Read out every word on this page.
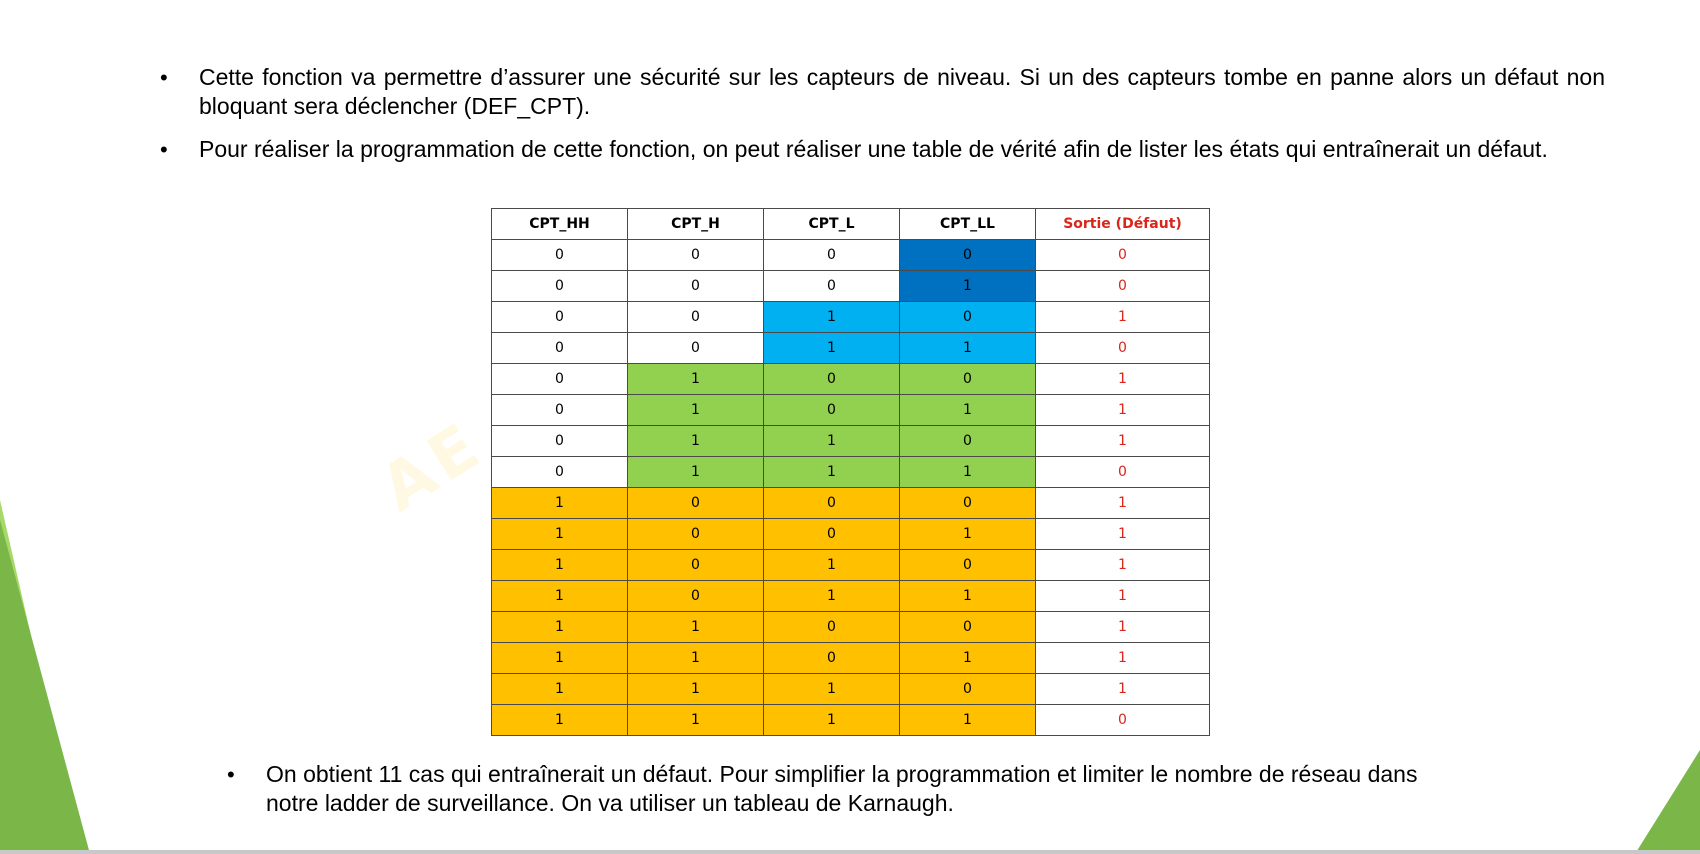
• Cette fonction va permettre d’assurer une sécurité sur les capteurs de niveau. Si un des capteurs tombe en panne alors un défaut non bloquant sera déclencher (DEF_CPT).
• Pour réaliser la programmation de cette fonction, on peut réaliser une table de vérité afin de lister les états qui entraînerait un défaut.
AE
CPT_HH	CPT_H	CPT_L	CPT_LL	Sortie (Défaut)
0	0	0	0	0
0	0	0	1	0
0	0	1	0	1
0	0	1	1	0
0	1	0	0	1
0	1	0	1	1
0	1	1	0	1
0	1	1	1	0
1	0	0	0	1
1	0	0	1	1
1	0	1	0	1
1	0	1	1	1
1	1	0	0	1
1	1	0	1	1
1	1	1	0	1
1	1	1	1	0
• On obtient 11 cas qui entraînerait un défaut. Pour simplifier la programmation et limiter le nombre de réseau dans notre ladder de surveillance. On va utiliser un tableau de Karnaugh.
